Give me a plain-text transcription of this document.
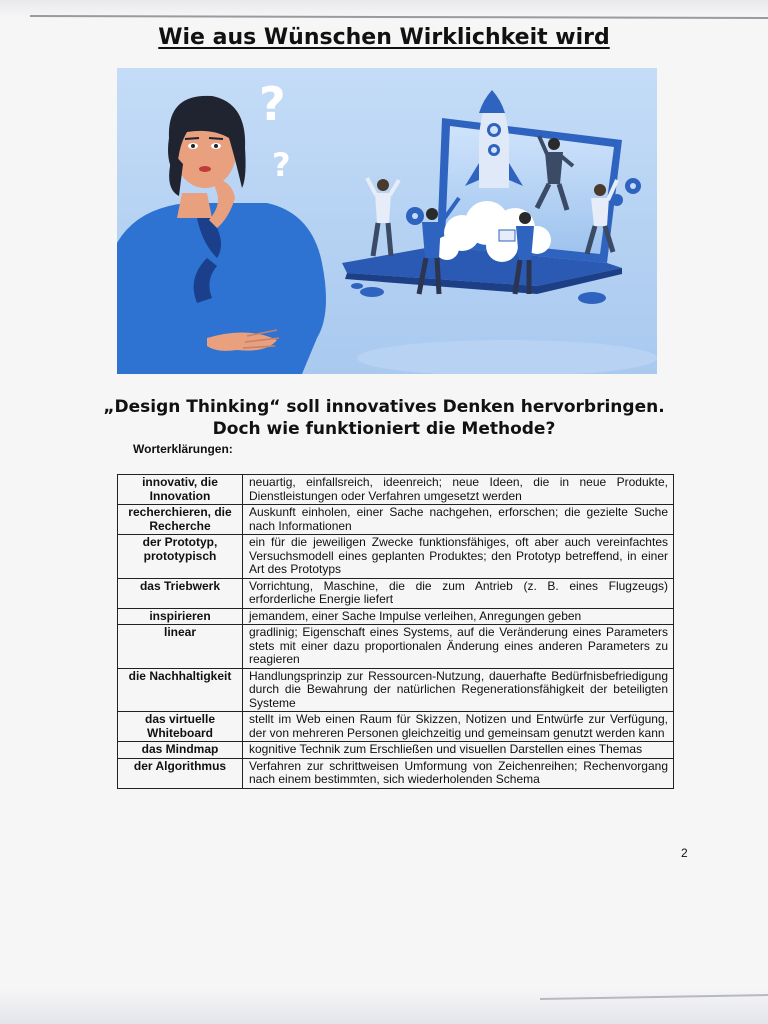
Wie aus Wünschen Wirklichkeit wird
?
?
„Design Thinking“ soll innovatives Denken hervorbringen.
Doch wie funktioniert die Methode?
Worterklärungen:
innovativ, die Innovation	neuartig, einfallsreich, ideenreich; neue Ideen, die in neue Produkte, Dienstleistungen oder Verfahren umgesetzt werden
recherchieren, die Recherche	Auskunft einholen, einer Sache nachgehen, erforschen; die gezielte Suche nach Informationen
der Prototyp, prototypisch	ein für die jeweiligen Zwecke funktionsfähiges, oft aber auch vereinfachtes Versuchsmodell eines geplanten Produktes; den Prototyp betreffend, in einer Art des Prototyps
das Triebwerk	Vorrichtung, Maschine, die die zum Antrieb (z. B. eines Flugzeugs) erforderliche Energie liefert
inspirieren	jemandem, einer Sache Impulse verleihen, Anregungen geben
linear	gradlinig; Eigenschaft eines Systems, auf die Veränderung eines Parameters stets mit einer dazu proportionalen Änderung eines anderen Parameters zu reagieren
die Nachhaltigkeit	Handlungsprinzip zur Ressourcen-Nutzung, dauerhafte Bedürfnisbefriedigung durch die Bewahrung der natürlichen Regenerationsfähigkeit der beteiligten Systeme
das virtuelle Whiteboard	stellt im Web einen Raum für Skizzen, Notizen und Entwürfe zur Verfügung, der von mehreren Personen gleichzeitig und gemeinsam genutzt werden kann
das Mindmap	kognitive Technik zum Erschließen und visuellen Darstellen eines Themas
der Algorithmus	Verfahren zur schrittweisen Umformung von Zeichenreihen; Rechenvorgang nach einem bestimmten, sich wiederholenden Schema
2
